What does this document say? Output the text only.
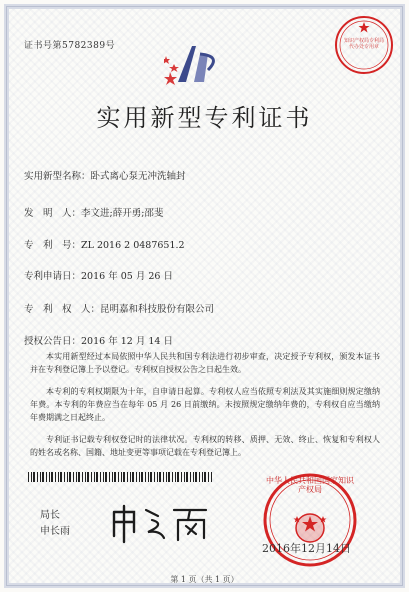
证书号第5782389号	知识产权局专利局代办处专用章
实用新型专利证书
实用新型名称：卧式离心泵无冲洗轴封
发　明　人：李文进;薛开勇;邵斐
专　利　号：ZL 2016 2 0487651.2
专利申请日：2016 年 05 月 26 日
专　利　权　人：昆明嘉和科技股份有限公司
授权公告日：2016 年 12 月 14 日

本实用新型经过本局依照中华人民共和国专利法进行初步审查，决定授予专利权，颁发本证书并在专利登记簿上予以登记。专利权自授权公告之日起生效。

本专利的专利权期限为十年，自申请日起算。专利权人应当依照专利法及其实施细则规定缴纳年费。本专利的年费应当在每年 05 月 26 日前缴纳。未按照规定缴纳年费的，专利权自应当缴纳年费期满之日起终止。

专利证书记载专利权登记时的法律状况。专利权的转移、质押、无效、终止、恢复和专利权人的姓名或名称、国籍、地址变更等事项记载在专利登记簿上。

局长
申长雨
中华人民共和国国家知识产权局
2016年12月14日
第 1 页（共 1 页）
